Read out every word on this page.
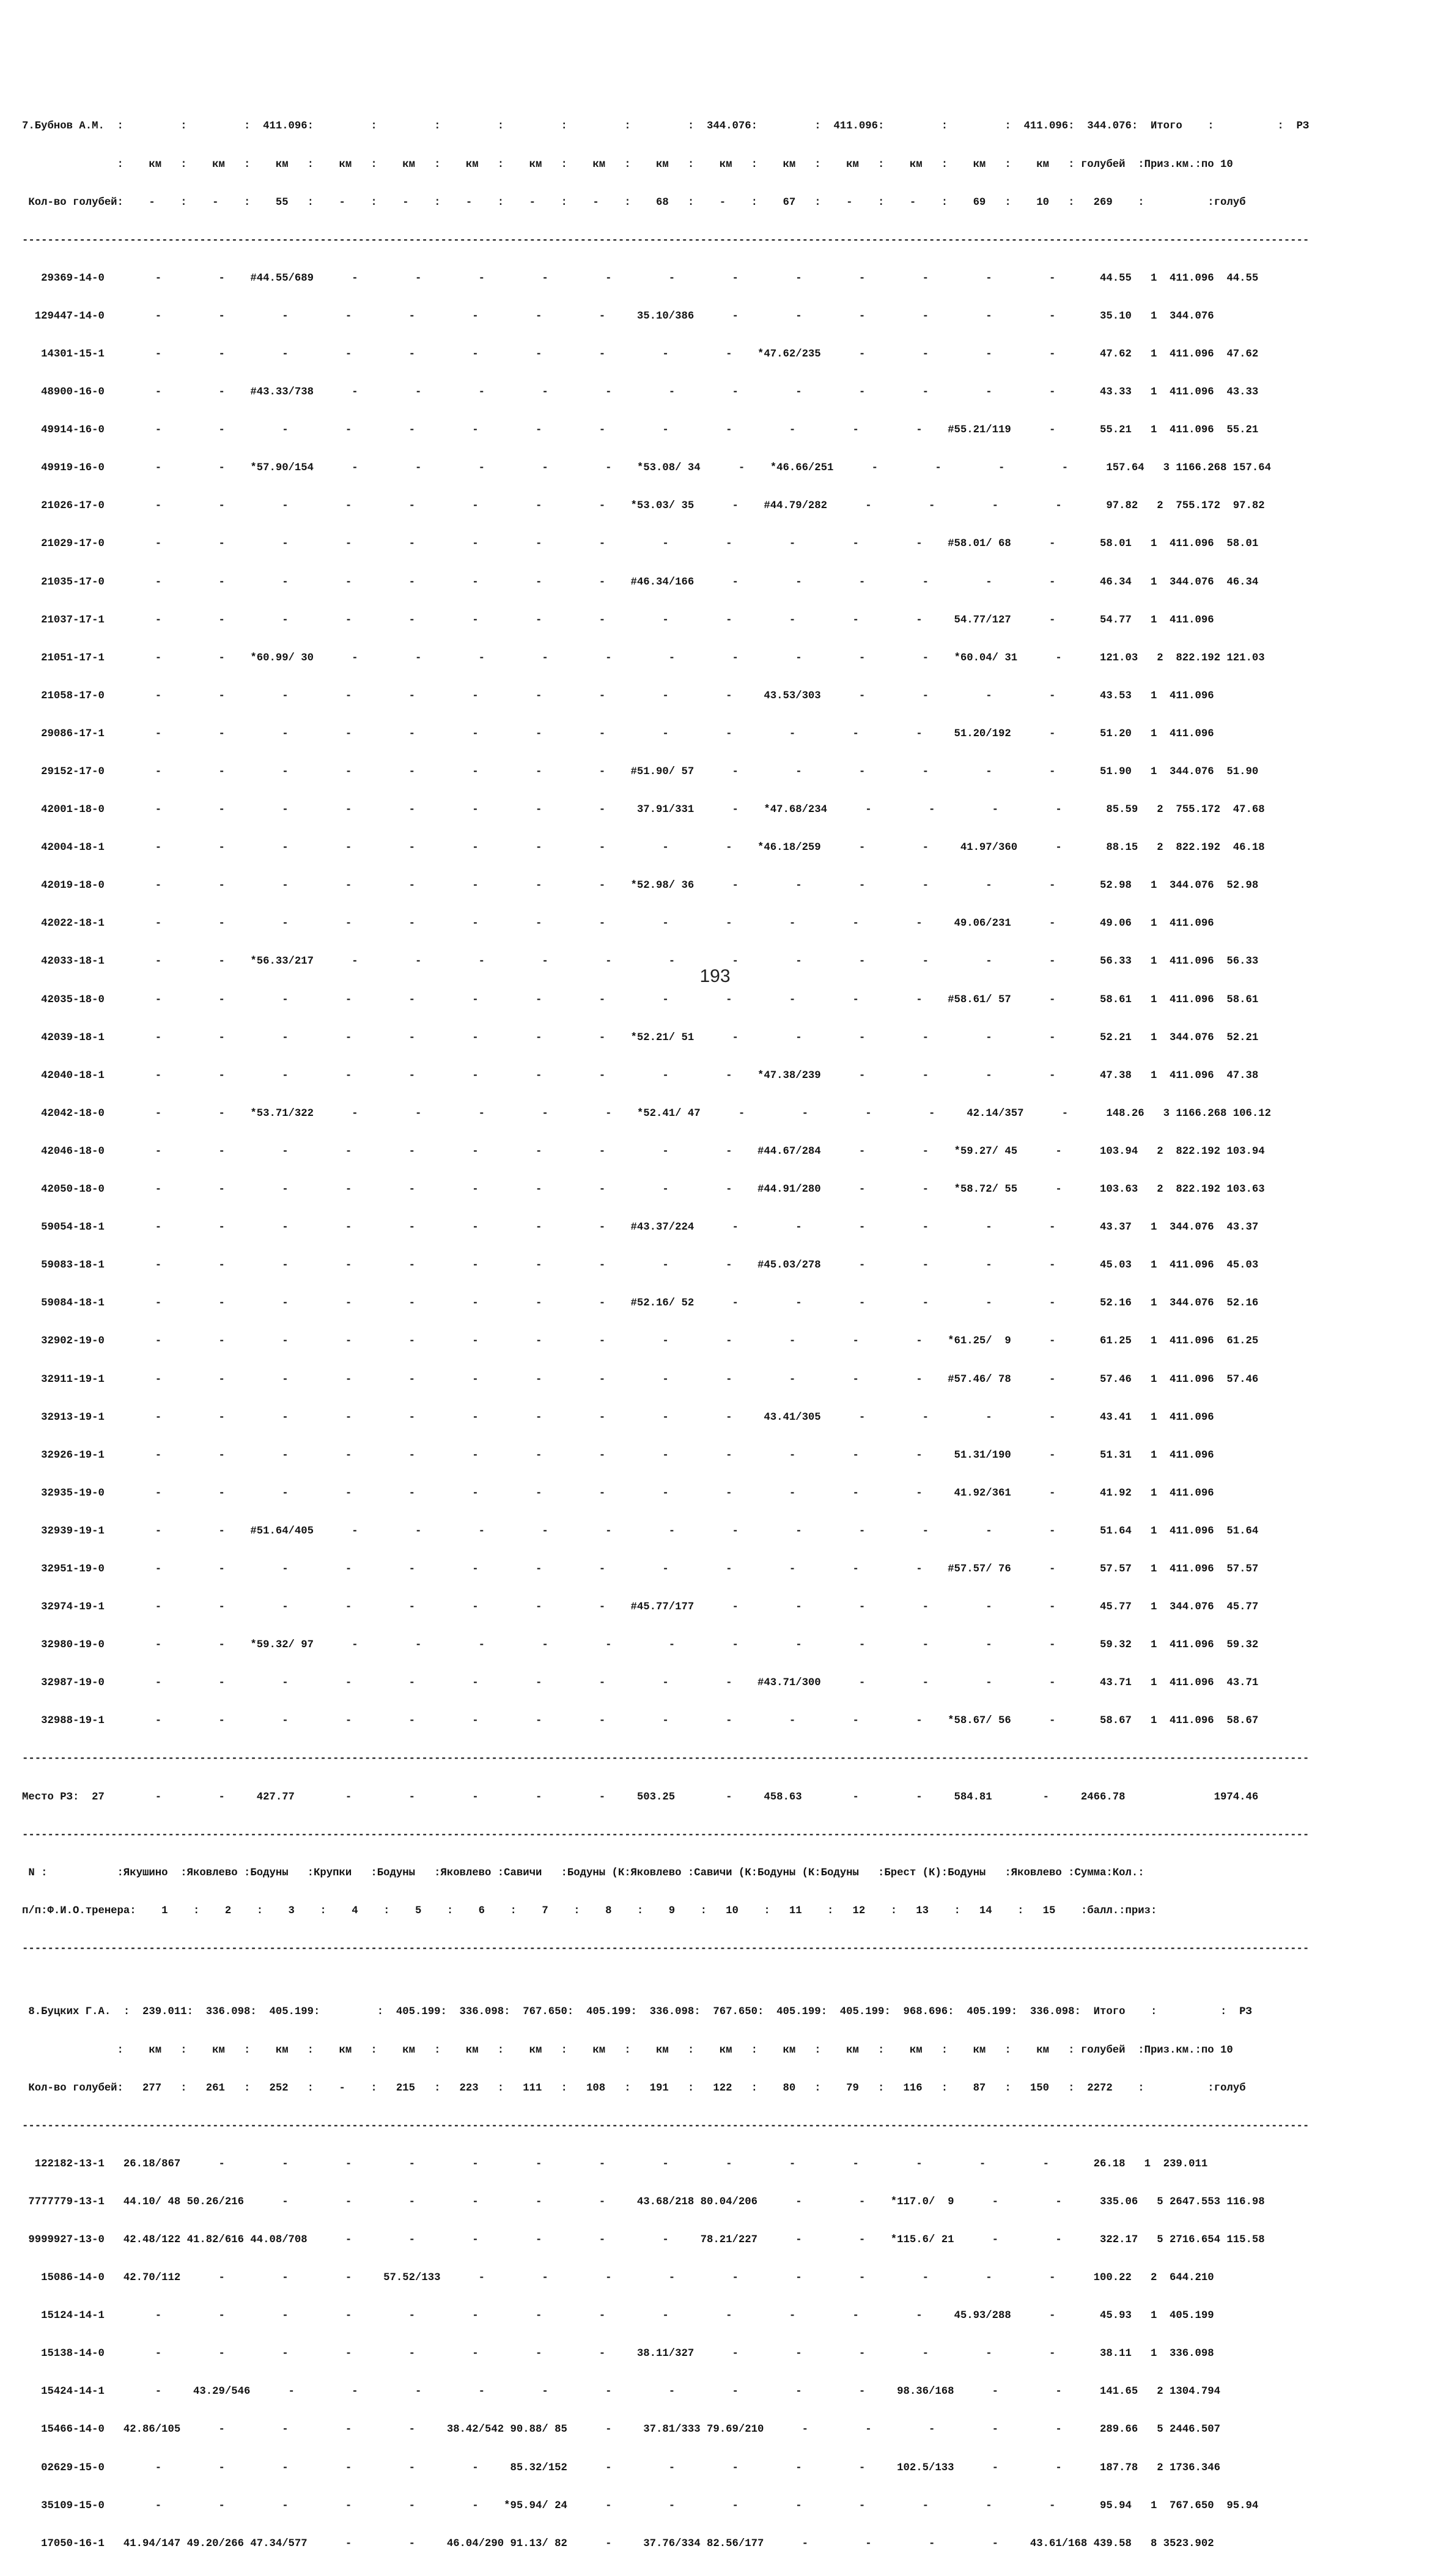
7.Бубнов А.М.  :         :         :  411.096:         :         :         :         :         :         :  344.076:         :  411.096:         :         :  411.096:  344.076:  Итого    :          :  РЗ

:    км   :    км   :    км   :    км   :    км   :    км   :    км   :    км   :    км   :    км   :    км   :    км   :    км   :    км   :    км   : голубей  :Приз.км.:по 10

Кол-во голубей:    -    :    -    :    55   :    -    :    -    :    -    :    -    :    -    :    68   :    -    :    67   :    -    :    -    :    69   :    10   :   269    :          :голуб

-----------------------------------------------------------------------------------------------------------------------------------------------------------------------------------------------------------

29369-14-0        -         -    #44.55/689      -         -         -         -         -         -         -         -         -         -         -         -       44.55   1  411.096  44.55

129447-14-0        -         -         -         -         -         -         -         -     35.10/386      -         -         -         -         -         -       35.10   1  344.076

14301-15-1        -         -         -         -         -         -         -         -         -         -    *47.62/235      -         -         -         -       47.62   1  411.096  47.62

48900-16-0        -         -    #43.33/738      -         -         -         -         -         -         -         -         -         -         -         -       43.33   1  411.096  43.33

49914-16-0        -         -         -         -         -         -         -         -         -         -         -         -         -    #55.21/119      -       55.21   1  411.096  55.21

49919-16-0        -         -    *57.90/154      -         -         -         -         -    *53.08/ 34      -    *46.66/251      -         -         -         -      157.64   3 1166.268 157.64

21026-17-0        -         -         -         -         -         -         -         -    *53.03/ 35      -    #44.79/282      -         -         -         -       97.82   2  755.172  97.82

21029-17-0        -         -         -         -         -         -         -         -         -         -         -         -         -    #58.01/ 68      -       58.01   1  411.096  58.01

21035-17-0        -         -         -         -         -         -         -         -    #46.34/166      -         -         -         -         -         -       46.34   1  344.076  46.34

21037-17-1        -         -         -         -         -         -         -         -         -         -         -         -         -     54.77/127      -       54.77   1  411.096

21051-17-1        -         -    *60.99/ 30      -         -         -         -         -         -         -         -         -         -    *60.04/ 31      -      121.03   2  822.192 121.03

21058-17-0        -         -         -         -         -         -         -         -         -         -     43.53/303      -         -         -         -       43.53   1  411.096

29086-17-1        -         -         -         -         -         -         -         -         -         -         -         -         -     51.20/192      -       51.20   1  411.096

29152-17-0        -         -         -         -         -         -         -         -    #51.90/ 57      -         -         -         -         -         -       51.90   1  344.076  51.90

42001-18-0        -         -         -         -         -         -         -         -     37.91/331      -    *47.68/234      -         -         -         -       85.59   2  755.172  47.68

42004-18-1        -         -         -         -         -         -         -         -         -         -    *46.18/259      -         -     41.97/360      -       88.15   2  822.192  46.18

42019-18-0        -         -         -         -         -         -         -         -    *52.98/ 36      -         -         -         -         -         -       52.98   1  344.076  52.98

42022-18-1        -         -         -         -         -         -         -         -         -         -         -         -         -     49.06/231      -       49.06   1  411.096

42033-18-1        -         -    *56.33/217      -         -         -         -         -         -         -         -         -         -         -         -       56.33   1  411.096  56.33

42035-18-0        -         -         -         -         -         -         -         -         -         -         -         -         -    #58.61/ 57      -       58.61   1  411.096  58.61

42039-18-1        -         -         -         -         -         -         -         -    *52.21/ 51      -         -         -         -         -         -       52.21   1  344.076  52.21

42040-18-1        -         -         -         -         -         -         -         -         -         -    *47.38/239      -         -         -         -       47.38   1  411.096  47.38

42042-18-0        -         -    *53.71/322      -         -         -         -         -    *52.41/ 47      -         -         -         -     42.14/357      -      148.26   3 1166.268 106.12

42046-18-0        -         -         -         -         -         -         -         -         -         -    #44.67/284      -         -    *59.27/ 45      -      103.94   2  822.192 103.94

42050-18-0        -         -         -         -         -         -         -         -         -         -    #44.91/280      -         -    *58.72/ 55      -      103.63   2  822.192 103.63

59054-18-1        -         -         -         -         -         -         -         -    #43.37/224      -         -         -         -         -         -       43.37   1  344.076  43.37

59083-18-1        -         -         -         -         -         -         -         -         -         -    #45.03/278      -         -         -         -       45.03   1  411.096  45.03

59084-18-1        -         -         -         -         -         -         -         -    #52.16/ 52      -         -         -         -         -         -       52.16   1  344.076  52.16

32902-19-0        -         -         -         -         -         -         -         -         -         -         -         -         -    *61.25/  9      -       61.25   1  411.096  61.25

32911-19-1        -         -         -         -         -         -         -         -         -         -         -         -         -    #57.46/ 78      -       57.46   1  411.096  57.46

32913-19-1        -         -         -         -         -         -         -         -         -         -     43.41/305      -         -         -         -       43.41   1  411.096

32926-19-1        -         -         -         -         -         -         -         -         -         -         -         -         -     51.31/190      -       51.31   1  411.096

32935-19-0        -         -         -         -         -         -         -         -         -         -         -         -         -     41.92/361      -       41.92   1  411.096

32939-19-1        -         -    #51.64/405      -         -         -         -         -         -         -         -         -         -         -         -       51.64   1  411.096  51.64

32951-19-0        -         -         -         -         -         -         -         -         -         -         -         -         -    #57.57/ 76      -       57.57   1  411.096  57.57

32974-19-1        -         -         -         -         -         -         -         -    #45.77/177      -         -         -         -         -         -       45.77   1  344.076  45.77

32980-19-0        -         -    *59.32/ 97      -         -         -         -         -         -         -         -         -         -         -         -       59.32   1  411.096  59.32

32987-19-0        -         -         -         -         -         -         -         -         -         -    #43.71/300      -         -         -         -       43.71   1  411.096  43.71

32988-19-1        -         -         -         -         -         -         -         -         -         -         -         -         -    *58.67/ 56      -       58.67   1  411.096  58.67

-----------------------------------------------------------------------------------------------------------------------------------------------------------------------------------------------------------

Место РЗ:  27        -         -     427.77        -         -         -         -         -     503.25        -     458.63        -         -     584.81        -     2466.78              1974.46

-----------------------------------------------------------------------------------------------------------------------------------------------------------------------------------------------------------

N :           :Якушино  :Яковлево :Бодуны   :Крупки   :Бодуны   :Яковлево :Савичи   :Бодуны (К:Яковлево :Савичи (К:Бодуны (К:Бодуны   :Брест (К):Бодуны   :Яковлево :Сумма:Кол.:

п/п:Ф.И.О.тренера:    1    :    2    :    3    :    4    :    5    :    6    :    7    :    8    :    9    :   10    :   11    :   12    :   13    :   14    :   15    :балл.:приз:

-----------------------------------------------------------------------------------------------------------------------------------------------------------------------------------------------------------

8.Буцких Г.А.  :  239.011:  336.098:  405.199:         :  405.199:  336.098:  767.650:  405.199:  336.098:  767.650:  405.199:  405.199:  968.696:  405.199:  336.098:  Итого    :          :  РЗ

:    км   :    км   :    км   :    км   :    км   :    км   :    км   :    км   :    км   :    км   :    км   :    км   :    км   :    км   :    км   : голубей  :Приз.км.:по 10

Кол-во голубей:   277   :   261   :   252   :    -    :   215   :   223   :   111   :   108   :   191   :   122   :    80   :    79   :   116   :    87   :   150   :  2272    :          :голуб

-----------------------------------------------------------------------------------------------------------------------------------------------------------------------------------------------------------

122182-13-1   26.18/867      -         -         -         -         -         -         -         -         -         -         -         -         -         -       26.18   1  239.011

7777779-13-1   44.10/ 48 50.26/216      -         -         -         -         -         -     43.68/218 80.04/206      -         -    *117.0/  9      -         -      335.06   5 2647.553 116.98

9999927-13-0   42.48/122 41.82/616 44.08/708      -         -         -         -         -         -     78.21/227      -         -    *115.6/ 21      -         -      322.17   5 2716.654 115.58

15086-14-0   42.70/112      -         -         -     57.52/133      -         -         -         -         -         -         -         -         -         -      100.22   2  644.210

15124-14-1        -         -         -         -         -         -         -         -         -         -         -         -         -     45.93/288      -       45.93   1  405.199

15138-14-0        -         -         -         -         -         -         -         -     38.11/327      -         -         -         -         -         -       38.11   1  336.098

15424-14-1        -     43.29/546      -         -         -         -         -         -         -         -         -         -     98.36/168      -         -      141.65   2 1304.794

15466-14-0   42.86/105      -         -         -         -     38.42/542 90.88/ 85      -     37.81/333 79.69/210      -         -         -         -         -      289.66   5 2446.507

02629-15-0        -         -         -         -         -         -     85.32/152      -         -         -         -         -     102.5/133      -         -      187.78   2 1736.346

35109-15-0        -         -         -         -         -         -    *95.94/ 24      -         -         -         -         -         -         -         -       95.94   1  767.650  95.94

17050-16-1   41.94/147 49.20/266 47.34/577      -         -     46.04/290 91.13/ 82      -     37.76/334 82.56/177      -         -         -         -     43.61/168 439.58   8 3523.902

193
